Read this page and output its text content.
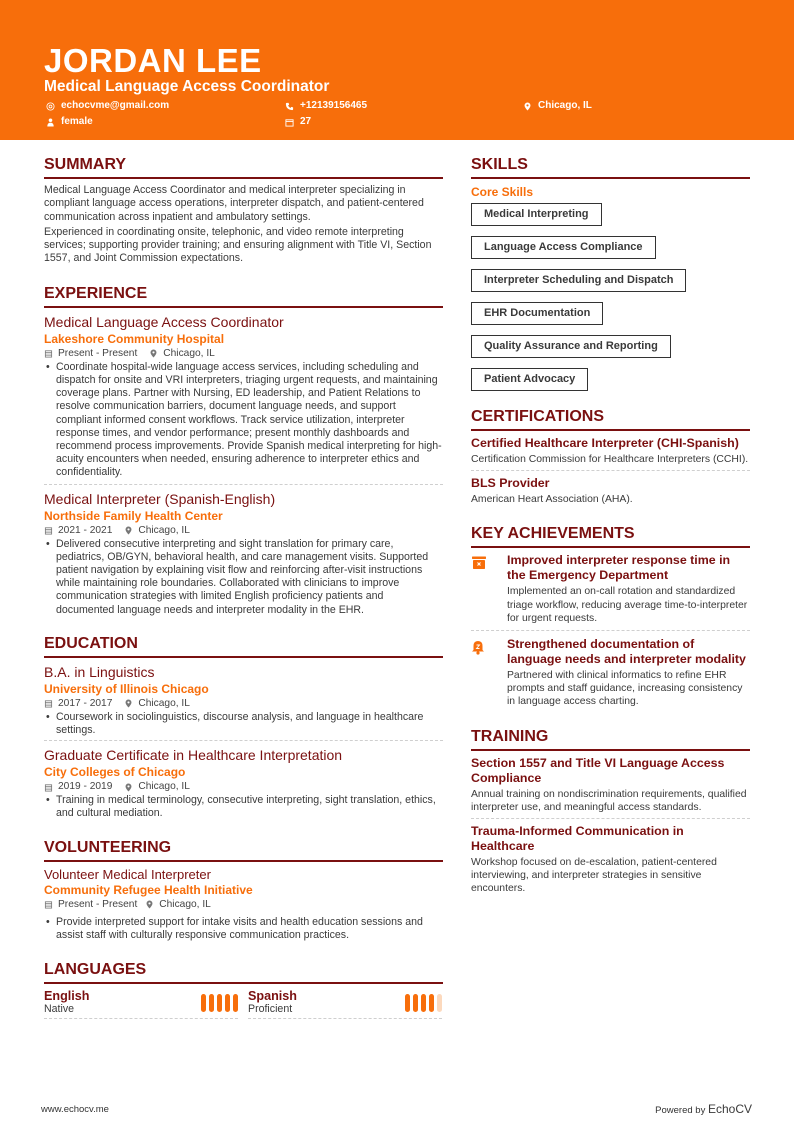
JORDAN LEE
Medical Language Access Coordinator
echocvme@gmail.com	+12139156465	Chicago, IL
female	27
SUMMARY

Medical Language Access Coordinator and medical interpreter specializing in compliant language access operations, interpreter dispatch, and patient-centered communication across inpatient and ambulatory settings.

Experienced in coordinating onsite, telephonic, and video remote interpreting services; supporting provider training; and ensuring alignment with Title VI, Section 1557, and Joint Commission expectations.

EXPERIENCE
Medical Language Access Coordinator
Lakeshore Community Hospital
Present - Present	Chicago, IL
• Coordinate hospital-wide language access services, including scheduling and dispatch for onsite and VRI interpreters, triaging urgent requests, and maintaining coverage plans. Partner with Nursing, ED leadership, and Patient Relations to resolve communication barriers, document language needs, and support compliant informed consent workflows. Track service utilization, interpreter response times, and vendor performance; present monthly dashboards and recommend process improvements. Provide Spanish medical interpreting for high-acuity encounters when needed, ensuring adherence to interpreter ethics and confidentiality.
Medical Interpreter (Spanish-English)
Northside Family Health Center
2021 - 2021	Chicago, IL
• Delivered consecutive interpreting and sight translation for primary care, pediatrics, OB/GYN, behavioral health, and care management visits. Supported patient navigation by explaining visit flow and reinforcing after-visit instructions while maintaining role boundaries. Collaborated with clinicians to improve communication strategies with limited English proficiency patients and documented language needs and interpreter modality in the EHR.
EDUCATION
B.A. in Linguistics
University of Illinois Chicago
2017 - 2017	Chicago, IL
• Coursework in sociolinguistics, discourse analysis, and language in healthcare settings.
Graduate Certificate in Healthcare Interpretation
City Colleges of Chicago
2019 - 2019	Chicago, IL
• Training in medical terminology, consecutive interpreting, sight translation, ethics, and cultural mediation.
VOLUNTEERING
Volunteer Medical Interpreter
Community Refugee Health Initiative
Present - Present Chicago, IL
• Provide interpreted support for intake visits and health education sessions and assist staff with culturally responsive communication practices.
LANGUAGES
English
Native
Spanish
Proficient
SKILLS
Core Skills
Medical Interpreting
Language Access Compliance
Interpreter Scheduling and Dispatch
EHR Documentation
Quality Assurance and Reporting
Patient Advocacy
CERTIFICATIONS
Certified Healthcare Interpreter (CHI-Spanish)
Certification Commission for Healthcare Interpreters (CCHI).
BLS Provider
American Heart Association (AHA).
KEY ACHIEVEMENTS
Improved interpreter response time in the Emergency Department
Implemented an on-call rotation and standardized triage workflow, reducing average time-to-interpreter for urgent requests.
Strengthened documentation of language needs and interpreter modality
Partnered with clinical informatics to refine EHR prompts and staff guidance, increasing consistency in language access charting.
TRAINING
Section 1557 and Title VI Language Access Compliance
Annual training on nondiscrimination requirements, qualified interpreter use, and meaningful access standards.
Trauma-Informed Communication in Healthcare
Workshop focused on de-escalation, patient-centered interviewing, and interpreter strategies in sensitive encounters.
www.echocv.me	Powered by EchoCV
